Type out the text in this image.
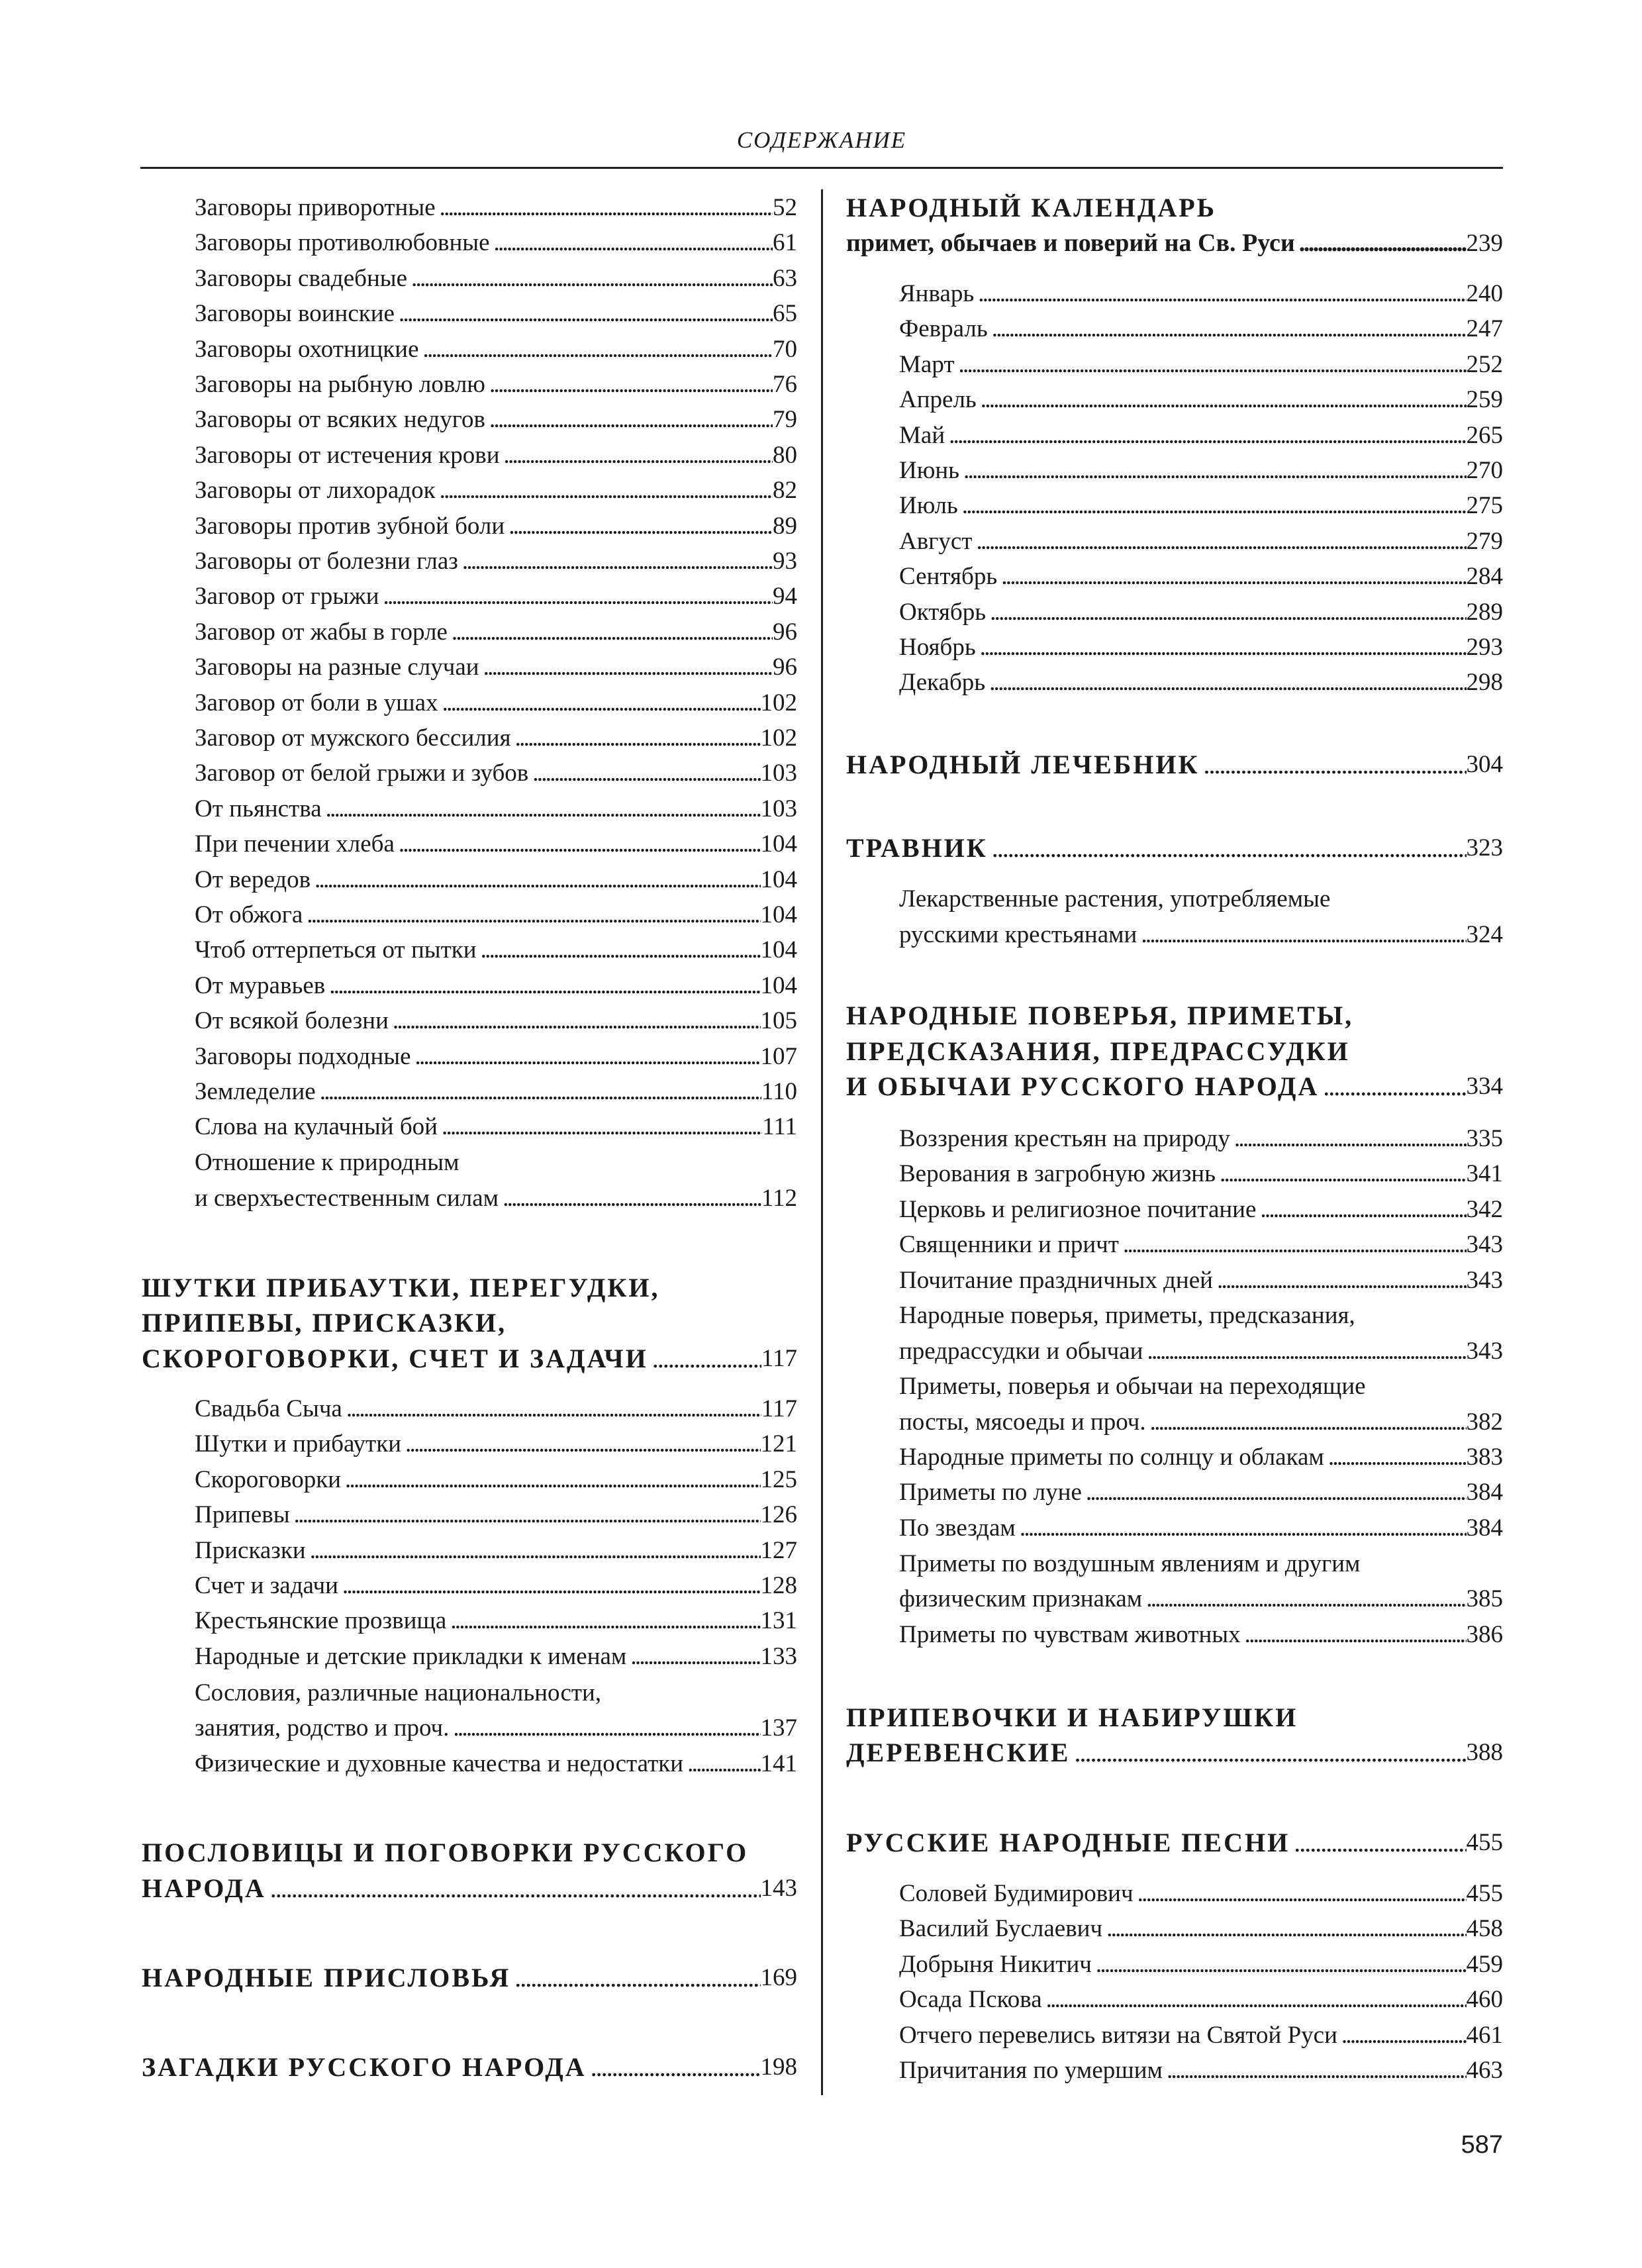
СОДЕРЖАНИЕ
Заговоры приворотные . . .	52
Заговоры противолюбовные . . .	61
Заговоры свадебные . . .	63
Заговоры воинские . . .	65
Заговоры охотницкие . . .	70
Заговоры на рыбную ловлю . . .	76
Заговоры от всяких недугов . . .	79
Заговоры от истечения крови . . .	80
Заговоры от лихорадок . . .	82
Заговоры против зубной боли . . .	89
Заговоры от болезни глаз . . .	93
Заговор от грыжи . . .	94
Заговор от жабы в горле . . .	96
Заговоры на разные случаи . . .	96
Заговор от боли в ушах . . .	102
Заговор от мужского бессилия . . .	102
Заговор от белой грыжи и зубов . . .	103
От пьянства . . .	103
При печении хлеба . . .	104
От вередов . . .	104
От обжога . . .	104
Чтоб оттерпеться от пытки . . .	104
От муравьев . . .	104
От всякой болезни . . .	105
Заговоры подходные . . .	107
Земледелие . . .	110
Слова на кулачный бой . . .	111
Отношение к природным
и сверхъестественным силам . . .	112
ШУТКИ ПРИБАУТКИ, ПЕРЕГУДКИ,
ПРИПЕВЫ, ПРИСКАЗКИ,
СКОРОГОВОРКИ, СЧЕТ И ЗАДАЧИ . . .	117
Свадьба Сыча . . .	117
Шутки и прибаутки . . .	121
Скороговорки . . .	125
Припевы . . .	126
Присказки . . .	127
Счет и задачи . . .	128
Крестьянские прозвища . . .	131
Народные и детские прикладки к именам . . .	133
Сословия, различные национальности,
занятия, родство и проч. . . .	137
Физические и духовные качества и недостатки . . .	141
ПОСЛОВИЦЫ И ПОГОВОРКИ РУССКОГО
НАРОДА . . .	143
НАРОДНЫЕ ПРИСЛОВЬЯ . . .	169
ЗАГАДКИ РУССКОГО НАРОДА . . .	198
НАРОДНЫЙ КАЛЕНДАРЬ
примет, обычаев и поверий на Св. Руси . . .	239
Январь . . .	240
Февраль . . .	247
Март . . .	252
Апрель . . .	259
Май . . .	265
Июнь . . .	270
Июль . . .	275
Август . . .	279
Сентябрь . . .	284
Октябрь . . .	289
Ноябрь . . .	293
Декабрь . . .	298
НАРОДНЫЙ ЛЕЧЕБНИК . . .	304
ТРАВНИК . . .	323
Лекарственные растения, употребляемые
русскими крестьянами . . .	324
НАРОДНЫЕ ПОВЕРЬЯ, ПРИМЕТЫ,
ПРЕДСКАЗАНИЯ, ПРЕДРАССУДКИ
И ОБЫЧАИ РУССКОГО НАРОДА . . .	334
Воззрения крестьян на природу . . .	335
Верования в загробную жизнь . . .	341
Церковь и религиозное почитание . . .	342
Священники и причт . . .	343
Почитание праздничных дней . . .	343
Народные поверья, приметы, предсказания,
предрассудки и обычаи . . .	343
Приметы, поверья и обычаи на переходящие
посты, мясоеды и проч. . . .	382
Народные приметы по солнцу и облакам . . .	383
Приметы по луне . . .	384
По звездам . . .	384
Приметы по воздушным явлениям и другим
физическим признакам . . .	385
Приметы по чувствам животных . . .	386
ПРИПЕВОЧКИ И НАБИРУШКИ
ДЕРЕВЕНСКИЕ . . .	388
РУССКИЕ НАРОДНЫЕ ПЕСНИ . . .	455
Соловей Будимирович . . .	455
Василий Буслаевич . . .	458
Добрыня Никитич . . .	459
Осада Пскова . . .	460
Отчего перевелись витязи на Святой Руси . . .	461
Причитания по умершим . . .	463
587
